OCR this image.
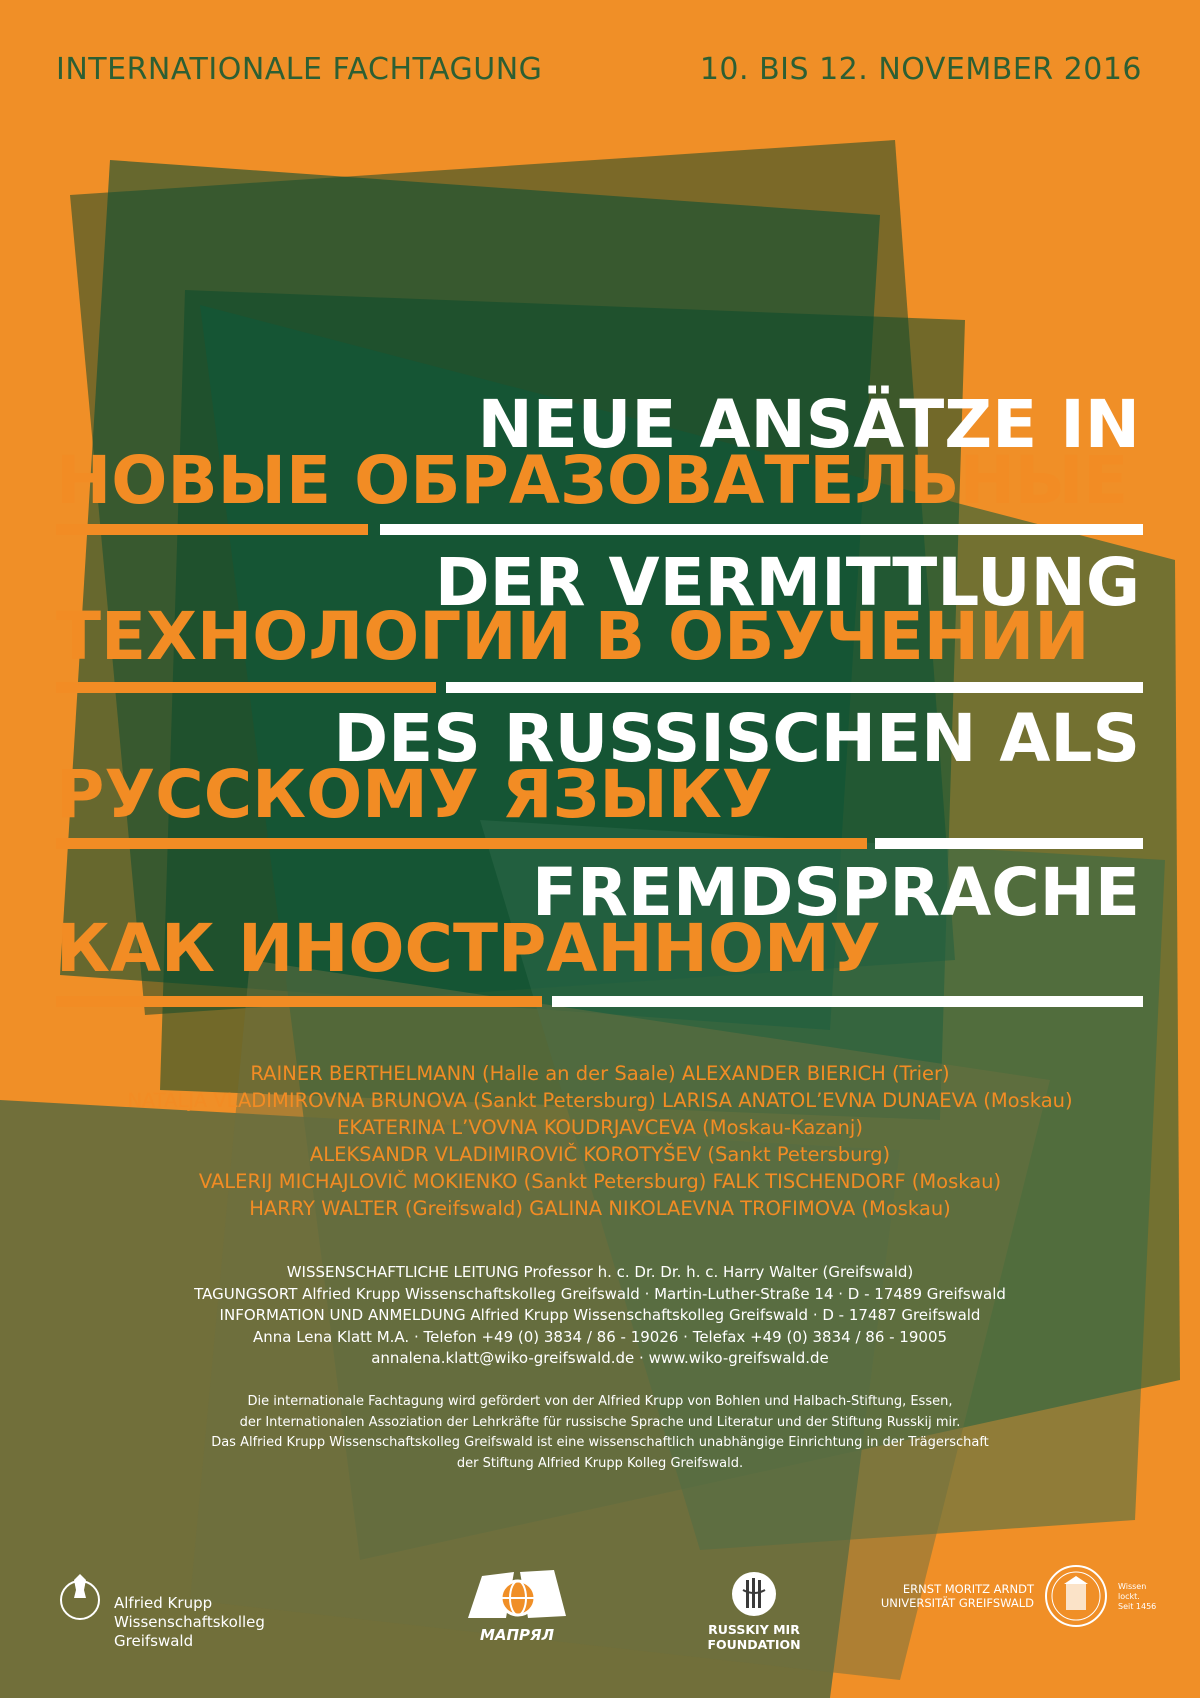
INTERNATIONALE FACHTAGUNG	10. BIS 12. NOVEMBER 2016
NEUE ANSÄTZE IN
НОВЫЕ ОБРАЗОВАТЕЛЬНЫЕ
DER VERMITTLUNG
ТЕХНОЛОГИИ В ОБУЧЕНИИ
DES RUSSISCHEN ALS
РУССКОМУ ЯЗЫКУ
FREMDSPRACHE
КАК ИНОСТРАННОМУ
RAINER BERTHELMANN (Halle an der Saale) ALEXANDER BIERICH (Trier)
NATALJA VLADIMIROVNA BRUNOVA (Sankt Petersburg) LARISA ANATOL’EVNA DUNAEVA (Moskau)
EKATERINA L’VOVNA KOUDRJAVCEVA (Moskau-Kazanj)
ALEKSANDR VLADIMIROVIČ KOROTYŠEV (Sankt Petersburg)
VALERIJ MICHAJLOVIČ MOKIENKO (Sankt Petersburg) FALK TISCHENDORF (Moskau)
HARRY WALTER (Greifswald) GALINA NIKOLAEVNA TROFIMOVA (Moskau)
WISSENSCHAFTLICHE LEITUNG Professor h. c. Dr. Dr. h. c. Harry Walter (Greifswald)
TAGUNGSORT Alfried Krupp Wissenschaftskolleg Greifswald · Martin-Luther-Straße 14 · D - 17489 Greifswald
INFORMATION UND ANMELDUNG Alfried Krupp Wissenschaftskolleg Greifswald · D - 17487 Greifswald
Anna Lena Klatt M.A. · Telefon +49 (0) 3834 / 86 - 19026 · Telefax +49 (0) 3834 / 86 - 19005
annalena.klatt@wiko-greifswald.de · www.wiko-greifswald.de
Die internationale Fachtagung wird gefördert von der Alfried Krupp von Bohlen und Halbach-Stiftung, Essen,
der Internationalen Assoziation der Lehrkräfte für russische Sprache und Literatur und der Stiftung Russkij mir.
Das Alfried Krupp Wissenschaftskolleg Greifswald ist eine wissenschaftlich unabhängige Einrichtung in der Trägerschaft
der Stiftung Alfried Krupp Kolleg Greifswald.
Alfried Krupp Wissenschaftskolleg
Greifswald	МАПРЯЛ	RUSSKIY MIR FOUNDATION
ERNST MORITZ ARNDT
UNIVERSITÄT GREIFSWALD
Wissen
lockt.
Seit 1456
